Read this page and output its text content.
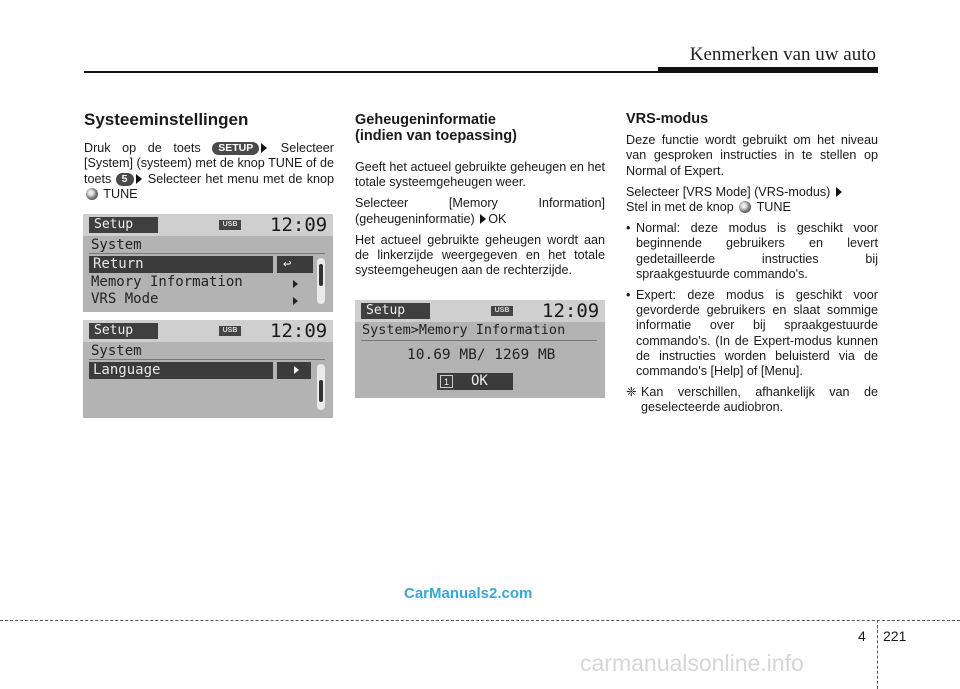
Kenmerken van uw auto
Systeeminstellingen

Druk op de toets SETUP Selecteer [System] (systeem) met de knop TUNE of de toets 5 Selecteer het menu met de knop  TUNE

Setup	USB 12:09
System
Return	↩
Memory Information
VRS Mode
Setup	USB 12:09
System
Language
Geheugeninformatie
(indien van toepassing)

Geeft het actueel gebruikte geheugen en het totale systeemgeheugen weer.

Selecteer [Memory Information] (geheugeninformatie) OK

Het actueel gebruikte geheugen wordt aan de linkerzijde weergegeven en het totale systeemgeheugen aan de rechterzijde.

Setup	USB 12:09
System>Memory Information
10.69 MB/ 1269 MB
1 OK
VRS-modus

Deze functie wordt gebruikt om het niveau van gesproken instructies in te stellen op Normal of Expert.

Selecteer [VRS Mode] (VRS-modus)
Stel in met de knop TUNE

• Normal: deze modus is geschikt voor beginnende gebruikers en levert gedetailleerde instructies bij spraakgestuurde commando's.
• Expert: deze modus is geschikt voor gevorderde gebruikers en slaat sommige informatie over bij spraakgestuurde commando's. (In de Expert-modus kunnen de instructies worden beluisterd via de commando's [Help] of [Menu].
❈ Kan verschillen, afhankelijk van de geselecteerde audiobron.
CarManuals2.com
carmanualsonline.info
4 221
